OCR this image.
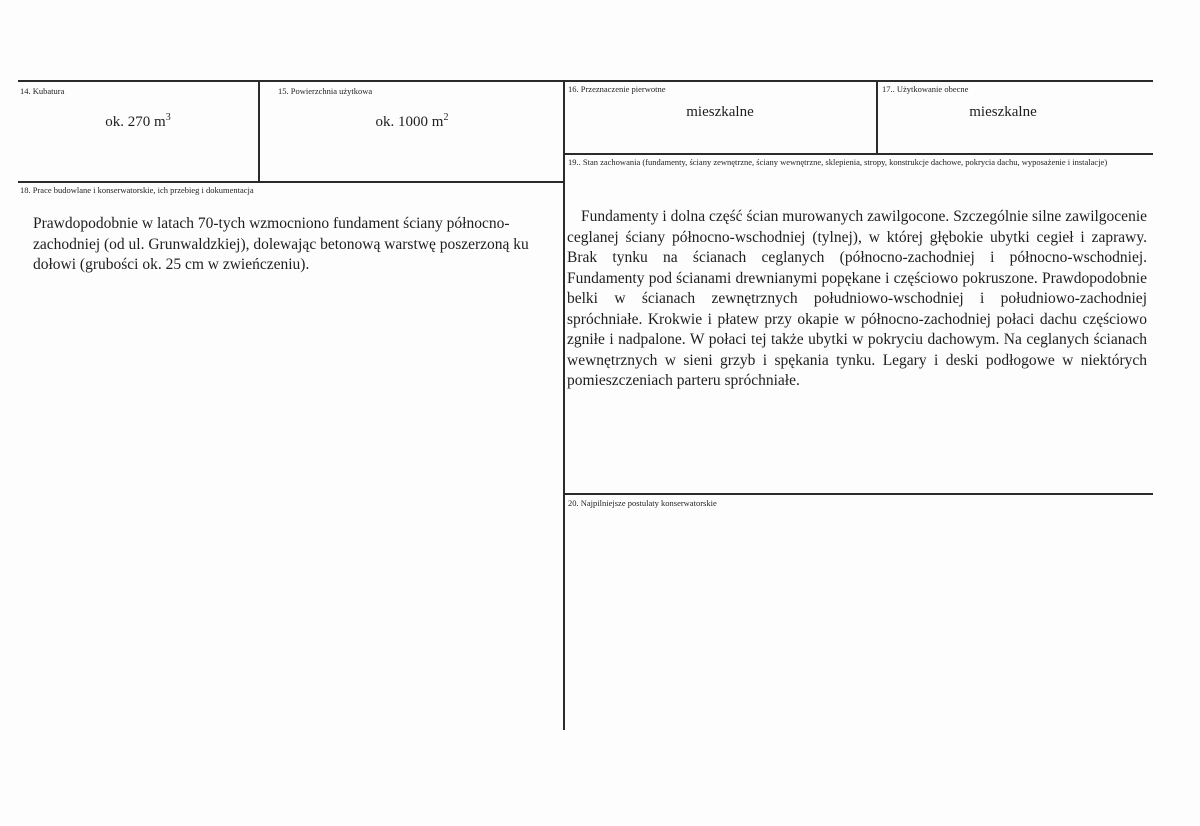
14. Kubatura
ok. 270 $m^3$
15. Powierzchnia użytkowa
ok. 1000 $m^2$
16. Przeznaczenie pierwotne
mieszkalne
17.. Użytkowanie obecne
mieszkalne
18. Prace budowlane i konserwatorskie, ich przebieg i dokumentacja
Prawdopodobnie w latach 70-tych wzmocniono fundament ściany północno-zachodniej (od ul. Grunwaldzkiej), dolewając betonową warstwę poszerzoną ku dołowi (grubości ok. 25 cm w zwieńczeniu).
19.. Stan zachowania (fundamenty, ściany zewnętrzne, ściany wewnętrzne, sklepienia, stropy, konstrukcje dachowe, pokrycia dachu, wyposażenie i instalacje)
Fundamenty i dolna część ścian murowanych zawilgocone. Szczególnie silne zawilgocenie ceglanej ściany północno-wschodniej (tylnej), w której głębokie ubytki cegieł i zaprawy. Brak tynku na ścianach ceglanych (północno-zachodniej i północno-wschodniej. Fundamenty pod ścianami drewnianymi popękane i częściowo pokruszone. Prawdopodobnie belki w ścianach zewnętrznych południowo-wschodniej i południowo-zachodniej spróchniałe. Krokwie i płatew przy okapie w północno-zachodniej połaci dachu częściowo zgniłe i nadpalone. W połaci tej także ubytki w pokryciu dachowym. Na ceglanych ścianach wewnętrznych w sieni grzyb i spękania tynku. Legary i deski podłogowe w niektórych pomieszczeniach parteru spróchniałe.
20. Najpilniejsze postulaty konserwatorskie
